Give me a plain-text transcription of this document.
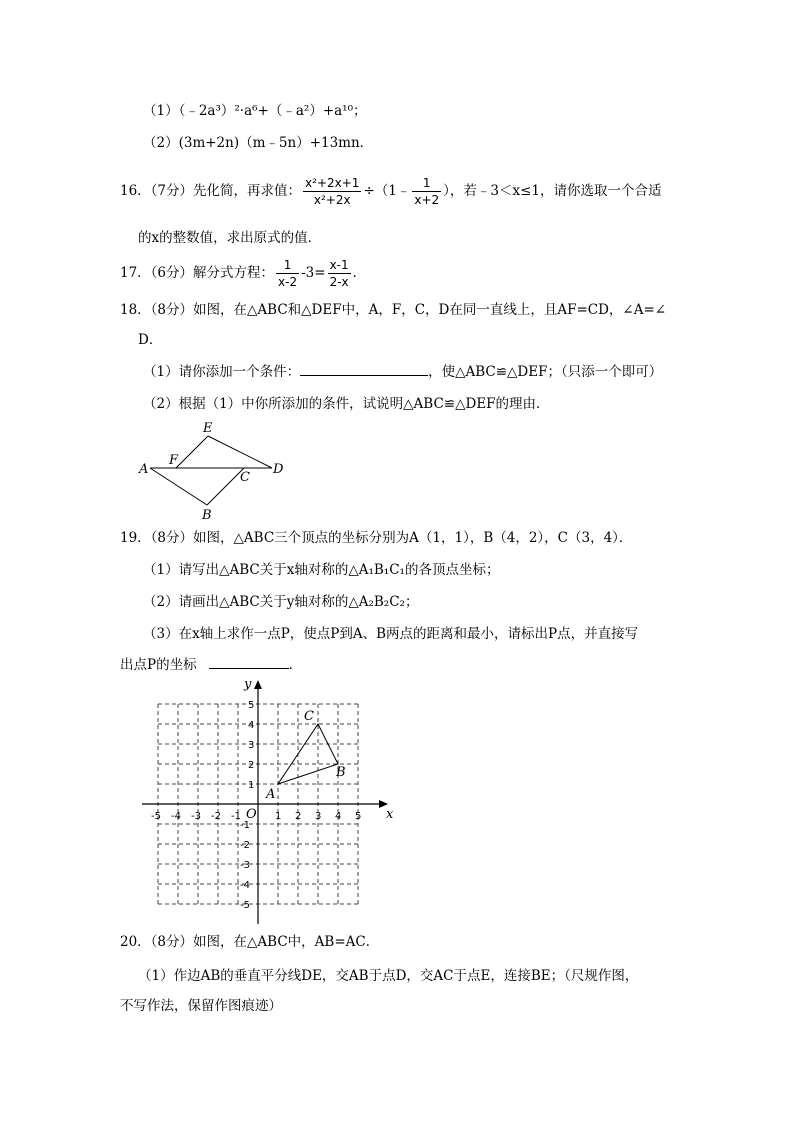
（1）（﹣2a³）²·a⁶+（﹣a²）+a¹⁰；
（2）(3m+2n)（m﹣5n）+13mn．
16．（7分）先化简，再求值： $\frac{\text{x²+2x+1}}{\text{x²+2x}}$ ÷（1﹣ $\frac{1}{x+2}$ ），若﹣3＜x≤1，请你选取一个合适
的x的整数值，求出原式的值．
17．（6分）解分式方程： $\frac{1}{x-2} -3= \frac{x-1}{2-x}$ ．
18．（8分）如图，在△ABC和△DEF中，A，F，C，D在同一直线上，且AF=CD，∠A=∠
D．
（1）请你添加一个条件：	，使△ABC≌△DEF；（只添一个即可）
（2）根据（1）中你所添加的条件，试说明△ABC≌△DEF的理由．
E
F
A	D
C
B
19．（8分）如图，△ABC三个顶点的坐标分别为A（1，1），B（4，2），C（3，4）．
（1）请写出△ABC关于x轴对称的△A₁B₁C₁的各顶点坐标；
（2）请画出△ABC关于y轴对称的△A₂B₂C₂；
（3）在x轴上求作一点P，使点P到A、B两点的距离和最小，请标出P点，并直接写
出点P的坐标	．
x
y
O
-5 -4 -3 -2 -1	1 2 3 4 5
5
4
3
2
1
-1
-2
-3
-4
-5
A
B
C
20．（8分）如图，在△ABC中，AB=AC．
（1）作边AB的垂直平分线DE，交AB于点D，交AC于点E，连接BE；（尺规作图，
不写作法，保留作图痕迹）
